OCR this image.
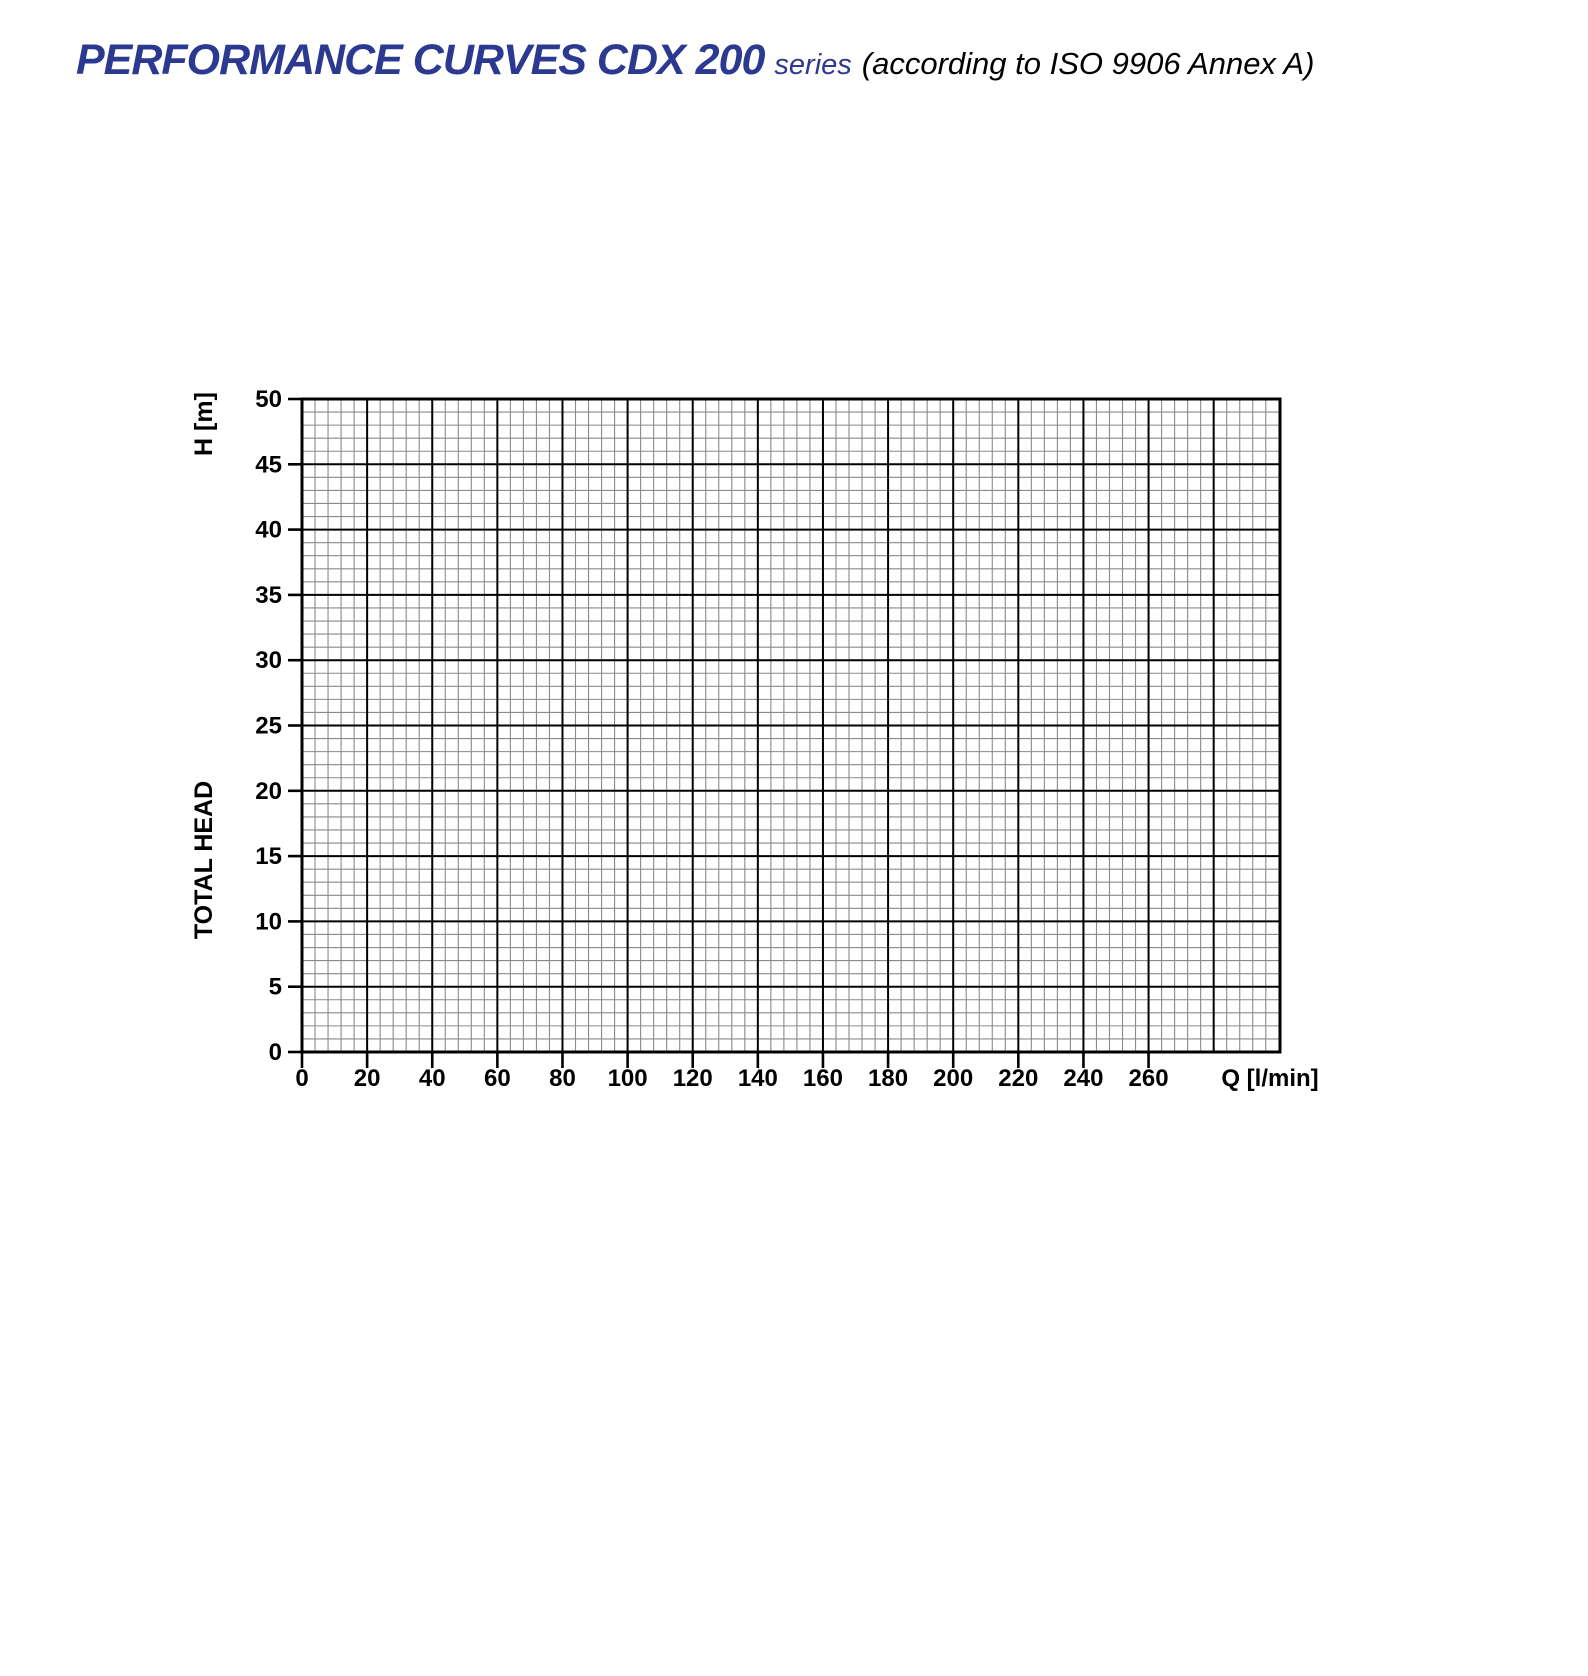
PERFORMANCE CURVES CDX 200 series (according to ISO 9906 Annex A)
50
45
40
35
30
25
20
15
10
5
0
H [m]
TOTAL HEAD
0 20 40 60 80 100 120 140 160 180 200 220 240 260 Q [l/min]
